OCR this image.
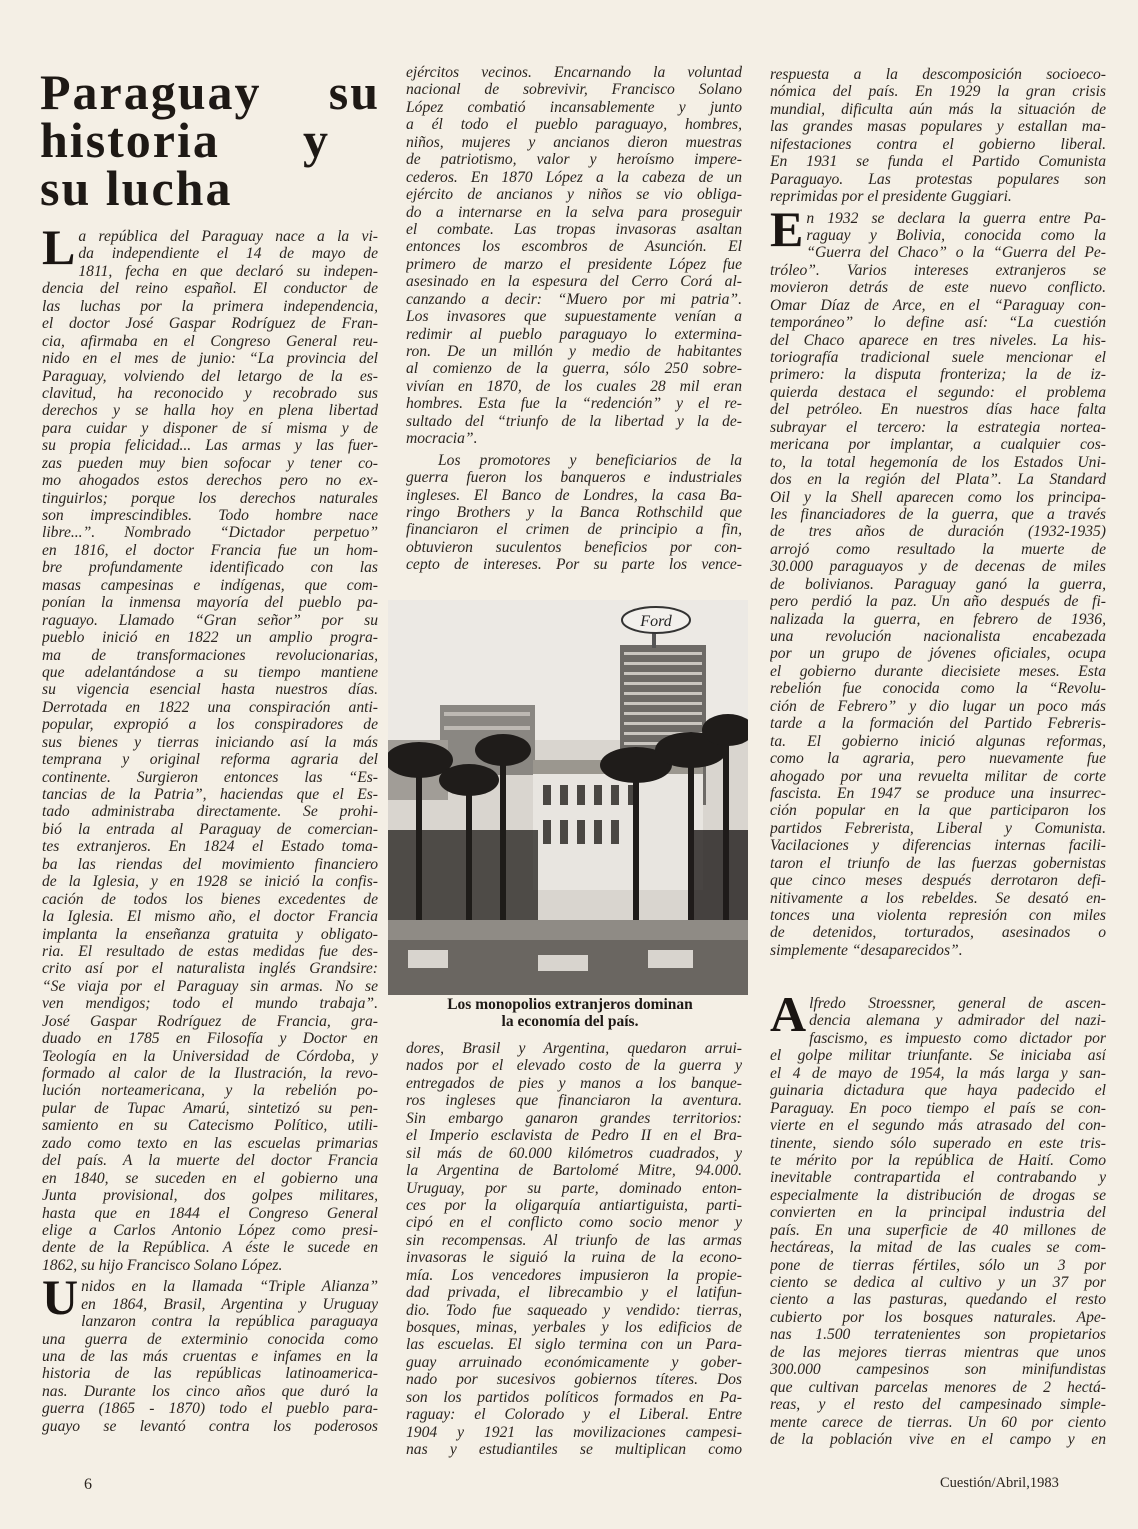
Paraguay su
historia y
su lucha
L a república del Paraguay nace a la vi-
da independiente el 14 de mayo de
1811, fecha en que declaró su indepen-
dencia del reino español. El conductor de
las luchas por la primera independencia,
el doctor José Gaspar Rodríguez de Fran-
cia, afirmaba en el Congreso General reu-
nido en el mes de junio: “La provincia del
Paraguay, volviendo del letargo de la es-
clavitud, ha reconocido y recobrado sus
derechos y se halla hoy en plena libertad
para cuidar y disponer de sí misma y de
su propia felicidad... Las armas y las fuer-
zas pueden muy bien sofocar y tener co-
mo ahogados estos derechos pero no ex-
tinguirlos; porque los derechos naturales
son imprescindibles. Todo hombre nace
libre...”. Nombrado “Dictador perpetuo”
en 1816, el doctor Francia fue un hom-
bre profundamente identificado con las
masas campesinas e indígenas, que com-
ponían la inmensa mayoría del pueblo pa-
raguayo. Llamado “Gran señor” por su
pueblo inició en 1822 un amplio progra-
ma de transformaciones revolucionarias,
que adelantándose a su tiempo mantiene
su vigencia esencial hasta nuestros días.
Derrotada en 1822 una conspiración anti-
popular, expropió a los conspiradores de
sus bienes y tierras iniciando así la más
temprana y original reforma agraria del
continente. Surgieron entonces las “Es-
tancias de la Patria”, haciendas que el Es-
tado administraba directamente. Se prohi-
bió la entrada al Paraguay de comercian-
tes extranjeros. En 1824 el Estado toma-
ba las riendas del movimiento financiero
de la Iglesia, y en 1928 se inició la confis-
cación de todos los bienes excedentes de
la Iglesia. El mismo año, el doctor Francia
implanta la enseñanza gratuita y obligato-
ria. El resultado de estas medidas fue des-
crito así por el naturalista inglés Grandsire:
“Se viaja por el Paraguay sin armas. No se
ven mendigos; todo el mundo trabaja”.
José Gaspar Rodríguez de Francia, gra-
duado en 1785 en Filosofía y Doctor en
Teología en la Universidad de Córdoba, y
formado al calor de la Ilustración, la revo-
lución norteamericana, y la rebelión po-
pular de Tupac Amarú, sintetizó su pen-
samiento en su Catecismo Político, utili-
zado como texto en las escuelas primarias
del país. A la muerte del doctor Francia
en 1840, se suceden en el gobierno una
Junta provisional, dos golpes militares,
hasta que en 1844 el Congreso General
elige a Carlos Antonio López como presi-
dente de la República. A éste le sucede en
1862, su hijo Francisco Solano López.
U nidos en la llamada “Triple Alianza”
en 1864, Brasil, Argentina y Uruguay
lanzaron contra la república paraguaya
una guerra de exterminio conocida como
una de las más cruentas e infames en la
historia de las repúblicas latinoamerica-
nas. Durante los cinco años que duró la
guerra (1865 - 1870) todo el pueblo para-
guayo se levantó contra los poderosos
ejércitos vecinos. Encarnando la voluntad
nacional de sobrevivir, Francisco Solano
López combatió incansablemente y junto
a él todo el pueblo paraguayo, hombres,
niños, mujeres y ancianos dieron muestras
de patriotismo, valor y heroísmo impere-
cederos. En 1870 López a la cabeza de un
ejército de ancianos y niños se vio obliga-
do a internarse en la selva para proseguir
el combate. Las tropas invasoras asaltan
entonces los escombros de Asunción. El
primero de marzo el presidente López fue
asesinado en la espesura del Cerro Corá al-
canzando a decir: “Muero por mi patria”.
Los invasores que supuestamente venían a
redimir al pueblo paraguayo lo extermina-
ron. De un millón y medio de habitantes
al comienzo de la guerra, sólo 250 sobre-
vivían en 1870, de los cuales 28 mil eran
hombres. Esta fue la “redención” y el re-
sultado del “triunfo de la libertad y la de-
mocracia”.
Los promotores y beneficiarios de la
guerra fueron los banqueros e industriales
ingleses. El Banco de Londres, la casa Ba-
ringo Brothers y la Banca Rothschild que
financiaron el crimen de principio a fin,
obtuvieron suculentos beneficios por con-
cepto de intereses. Por su parte los vence-
Ford
Los monopolios extranjeros dominan
la economía del país.
dores, Brasil y Argentina, quedaron arrui-
nados por el elevado costo de la guerra y
entregados de pies y manos a los banque-
ros ingleses que financiaron la aventura.
Sin embargo ganaron grandes territorios:
el Imperio esclavista de Pedro II en el Bra-
sil más de 60.000 kilómetros cuadrados, y
la Argentina de Bartolomé Mitre, 94.000.
Uruguay, por su parte, dominado enton-
ces por la oligarquía antiartiguista, parti-
cipó en el conflicto como socio menor y
sin recompensas. Al triunfo de las armas
invasoras le siguió la ruina de la econo-
mía. Los vencedores impusieron la propie-
dad privada, el librecambio y el latifun-
dio. Todo fue saqueado y vendido: tierras,
bosques, minas, yerbales y los edificios de
las escuelas. El siglo termina con un Para-
guay arruinado económicamente y gober-
nado por sucesivos gobiernos títeres. Dos
son los partidos políticos formados en Pa-
raguay: el Colorado y el Liberal. Entre
1904 y 1921 las movilizaciones campesi-
nas y estudiantiles se multiplican como
respuesta a la descomposición socioeco-
nómica del país. En 1929 la gran crisis
mundial, dificulta aún más la situación de
las grandes masas populares y estallan ma-
nifestaciones contra el gobierno liberal.
En 1931 se funda el Partido Comunista
Paraguayo. Las protestas populares son
reprimidas por el presidente Guggiari.
E n 1932 se declara la guerra entre Pa-
raguay y Bolivia, conocida como la
“Guerra del Chaco” o la “Guerra del Pe-
tróleo”. Varios intereses extranjeros se
movieron detrás de este nuevo conflicto.
Omar Díaz de Arce, en el “Paraguay con-
temporáneo” lo define así: “La cuestión
del Chaco aparece en tres niveles. La his-
toriografía tradicional suele mencionar el
primero: la disputa fronteriza; la de iz-
quierda destaca el segundo: el problema
del petróleo. En nuestros días hace falta
subrayar el tercero: la estrategia nortea-
mericana por implantar, a cualquier cos-
to, la total hegemonía de los Estados Uni-
dos en la región del Plata”. La Standard
Oil y la Shell aparecen como los principa-
les financiadores de la guerra, que a través
de tres años de duración (1932-1935)
arrojó como resultado la muerte de
30.000 paraguayos y de decenas de miles
de bolivianos. Paraguay ganó la guerra,
pero perdió la paz. Un año después de fi-
nalizada la guerra, en febrero de 1936,
una revolución nacionalista encabezada
por un grupo de jóvenes oficiales, ocupa
el gobierno durante diecisiete meses. Esta
rebelión fue conocida como la “Revolu-
ción de Febrero” y dio lugar un poco más
tarde a la formación del Partido Febreris-
ta. El gobierno inició algunas reformas,
como la agraria, pero nuevamente fue
ahogado por una revuelta militar de corte
fascista. En 1947 se produce una insurrec-
ción popular en la que participaron los
partidos Febrerista, Liberal y Comunista.
Vacilaciones y diferencias internas facili-
taron el triunfo de las fuerzas gobernistas
que cinco meses después derrotaron defi-
nitivamente a los rebeldes. Se desató en-
tonces una violenta represión con miles
de detenidos, torturados, asesinados o
simplemente “desaparecidos”.
A lfredo Stroessner, general de ascen-
dencia alemana y admirador del nazi-
fascismo, es impuesto como dictador por
el golpe militar triunfante. Se iniciaba así
el 4 de mayo de 1954, la más larga y san-
guinaria dictadura que haya padecido el
Paraguay. En poco tiempo el país se con-
vierte en el segundo más atrasado del con-
tinente, siendo sólo superado en este tris-
te mérito por la república de Haití. Como
inevitable contrapartida el contrabando y
especialmente la distribución de drogas se
convierten en la principal industria del
país. En una superficie de 40 millones de
hectáreas, la mitad de las cuales se com-
pone de tierras fértiles, sólo un 3 por
ciento se dedica al cultivo y un 37 por
ciento a las pasturas, quedando el resto
cubierto por los bosques naturales. Ape-
nas 1.500 terratenientes son propietarios
de las mejores tierras mientras que unos
300.000 campesinos son minifundistas
que cultivan parcelas menores de 2 hectá-
reas, y el resto del campesinado simple-
mente carece de tierras. Un 60 por ciento
de la población vive en el campo y en
6	Cuestión/Abril,1983
